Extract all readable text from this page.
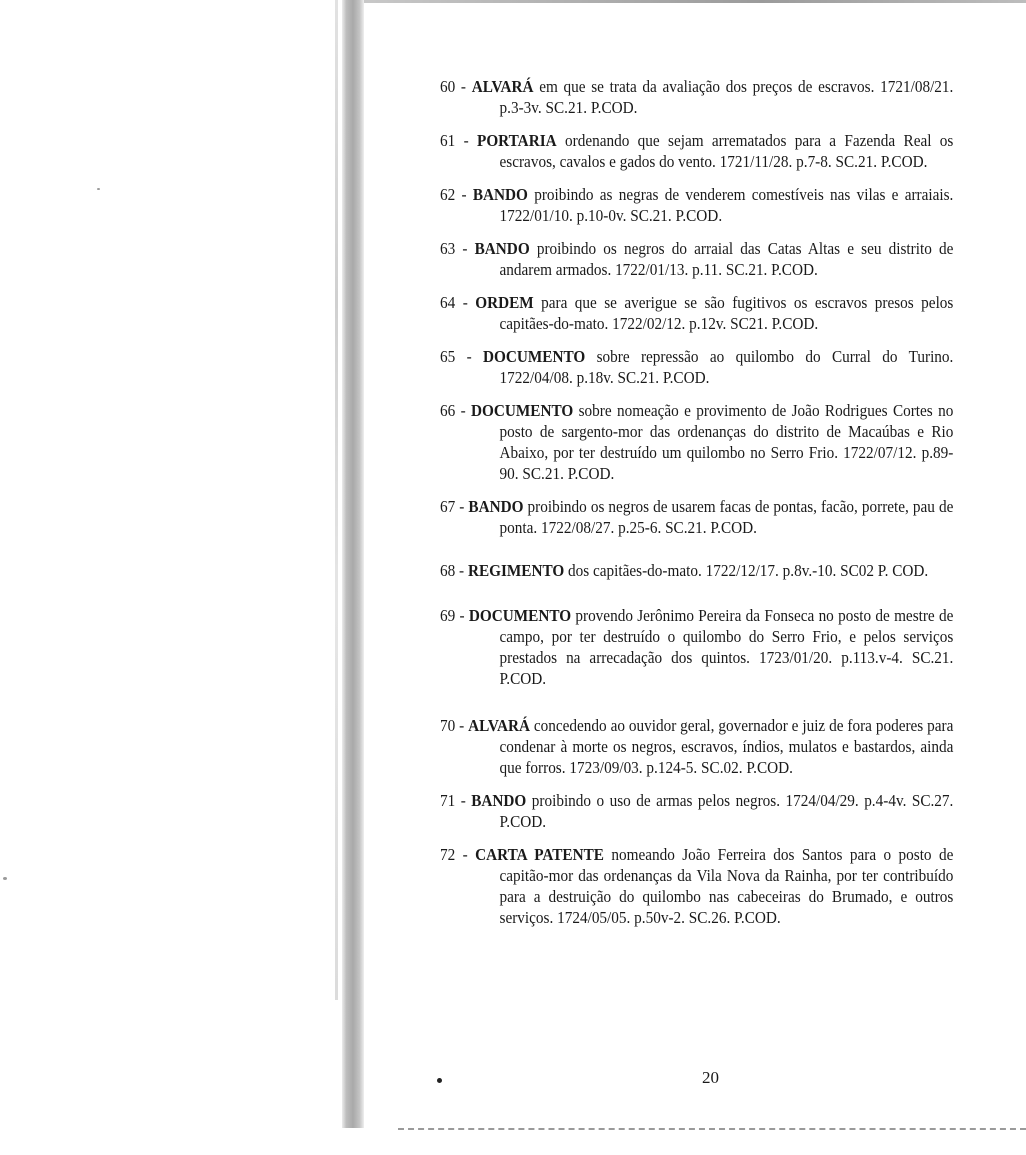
60 - ALVARÁ em que se trata da avaliação dos preços de escravos. 1721/08/21. p.3-3v. SC.21. P.COD.

61 - PORTARIA ordenando que sejam arrematados para a Fazenda Real os escravos, cavalos e gados do vento. 1721/11/28. p.7-8. SC.21. P.COD.

62 - BANDO proibindo as negras de venderem comestíveis nas vilas e arraiais. 1722/01/10. p.10-0v. SC.21. P.COD.

63 - BANDO proibindo os negros do arraial das Catas Altas e seu distrito de andarem armados. 1722/01/13. p.11. SC.21. P.COD.

64 - ORDEM para que se averigue se são fugitivos os escravos presos pelos capitães-do-mato. 1722/02/12. p.12v. SC21. P.COD.

65 - DOCUMENTO sobre repressão ao quilombo do Curral do Turino. 1722/04/08. p.18v. SC.21. P.COD.

66 - DOCUMENTO sobre nomeação e provimento de João Rodrigues Cortes no posto de sargento-mor das ordenanças do distrito de Macaúbas e Rio Abaixo, por ter destruído um quilombo no Serro Frio. 1722/07/12. p.89-90. SC.21. P.COD.

67 - BANDO proibindo os negros de usarem facas de pontas, facão, porrete, pau de ponta. 1722/08/27. p.25-6. SC.21. P.COD.

68 - REGIMENTO dos capitães-do-mato. 1722/12/17. p.8v.-10. SC02 P. COD.

69 - DOCUMENTO provendo Jerônimo Pereira da Fonseca no posto de mestre de campo, por ter destruído o quilombo do Serro Frio, e pelos serviços prestados na arrecadação dos quintos. 1723/01/20. p.113.v-4. SC.21. P.COD.

70 - ALVARÁ concedendo ao ouvidor geral, governador e juiz de fora poderes para condenar à morte os negros, escravos, índios, mulatos e bastardos, ainda que forros. 1723/09/03. p.124-5. SC.02. P.COD.

71 - BANDO proibindo o uso de armas pelos negros. 1724/04/29. p.4-4v. SC.27. P.COD.

72 - CARTA PATENTE nomeando João Ferreira dos Santos para o posto de capitão-mor das ordenanças da Vila Nova da Rainha, por ter contribuído para a destruição do quilombo nas cabeceiras do Brumado, e outros serviços. 1724/05/05. p.50v-2. SC.26. P.COD.

20
